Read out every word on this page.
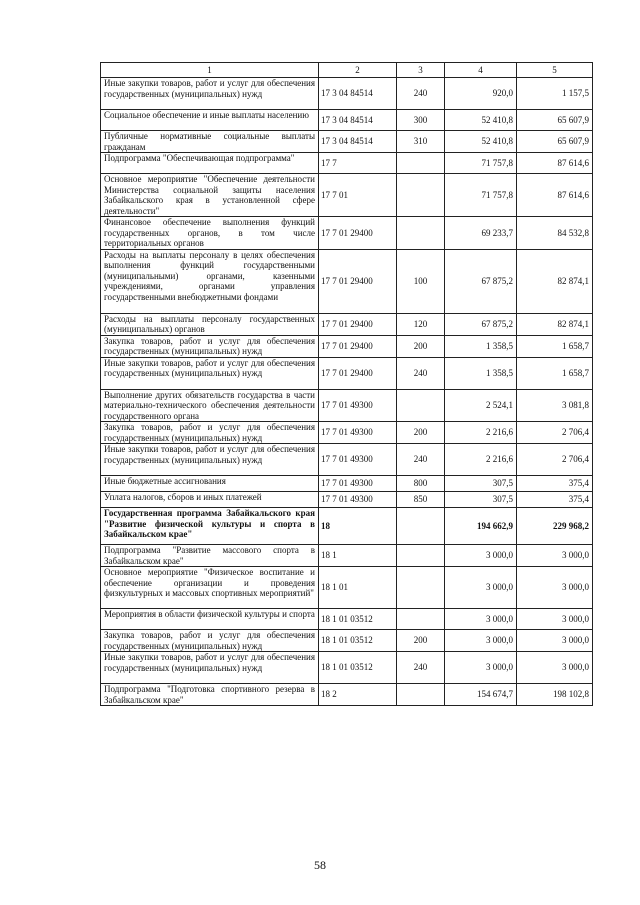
1	2	3	4	5
Иные закупки товаров, работ и услуг для обеспечения государственных (муниципальных) нужд	17 3 04 84514	240	920,0	1 157,5
Социальное обеспечение и иные выплаты населению	17 3 04 84514	300	52 410,8	65 607,9
Публичные нормативные социальные выплаты гражданам	17 3 04 84514	310	52 410,8	65 607,9
Подпрограмма "Обеспечивающая подпрограмма"	17 7		71 757,8	87 614,6
Основное мероприятие "Обеспечение деятельности Министерства социальной защиты населения Забайкальского края в установленной сфере деятельности"	17 7 01		71 757,8	87 614,6
Финансовое обеспечение выполнения функций государственных органов, в том числе территориальных органов	17 7 01 29400		69 233,7	84 532,8
Расходы на выплаты персоналу в целях обеспечения выполнения функций государственными (муниципальными) органами, казенными учреждениями, органами управления государственными внебюджетными фондами	17 7 01 29400	100	67 875,2	82 874,1
Расходы на выплаты персоналу государственных (муниципальных) органов	17 7 01 29400	120	67 875,2	82 874,1
Закупка товаров, работ и услуг для обеспечения государственных (муниципальных) нужд	17 7 01 29400	200	1 358,5	1 658,7
Иные закупки товаров, работ и услуг для обеспечения государственных (муниципальных) нужд	17 7 01 29400	240	1 358,5	1 658,7
Выполнение других обязательств государства в части материально-технического обеспечения деятельности государственного органа	17 7 01 49300		2 524,1	3 081,8
Закупка товаров, работ и услуг для обеспечения государственных (муниципальных) нужд	17 7 01 49300	200	2 216,6	2 706,4
Иные закупки товаров, работ и услуг для обеспечения государственных (муниципальных) нужд	17 7 01 49300	240	2 216,6	2 706,4
Иные бюджетные ассигнования	17 7 01 49300	800	307,5	375,4
Уплата налогов, сборов и иных платежей	17 7 01 49300	850	307,5	375,4
Государственная программа Забайкальского края "Развитие физической культуры и спорта в Забайкальском крае"	18		194 662,9	229 968,2
Подпрограмма "Развитие массового спорта в Забайкальском крае"	18 1		3 000,0	3 000,0
Основное мероприятие "Физическое воспитание и обеспечение организации и проведения физкультурных и массовых спортивных мероприятий"	18 1 01		3 000,0	3 000,0
Мероприятия в области физической культуры и спорта	18 1 01 03512		3 000,0	3 000,0
Закупка товаров, работ и услуг для обеспечения государственных (муниципальных) нужд	18 1 01 03512	200	3 000,0	3 000,0
Иные закупки товаров, работ и услуг для обеспечения государственных (муниципальных) нужд	18 1 01 03512	240	3 000,0	3 000,0
Подпрограмма "Подготовка спортивного резерва в Забайкальском крае"	18 2		154 674,7	198 102,8
58
